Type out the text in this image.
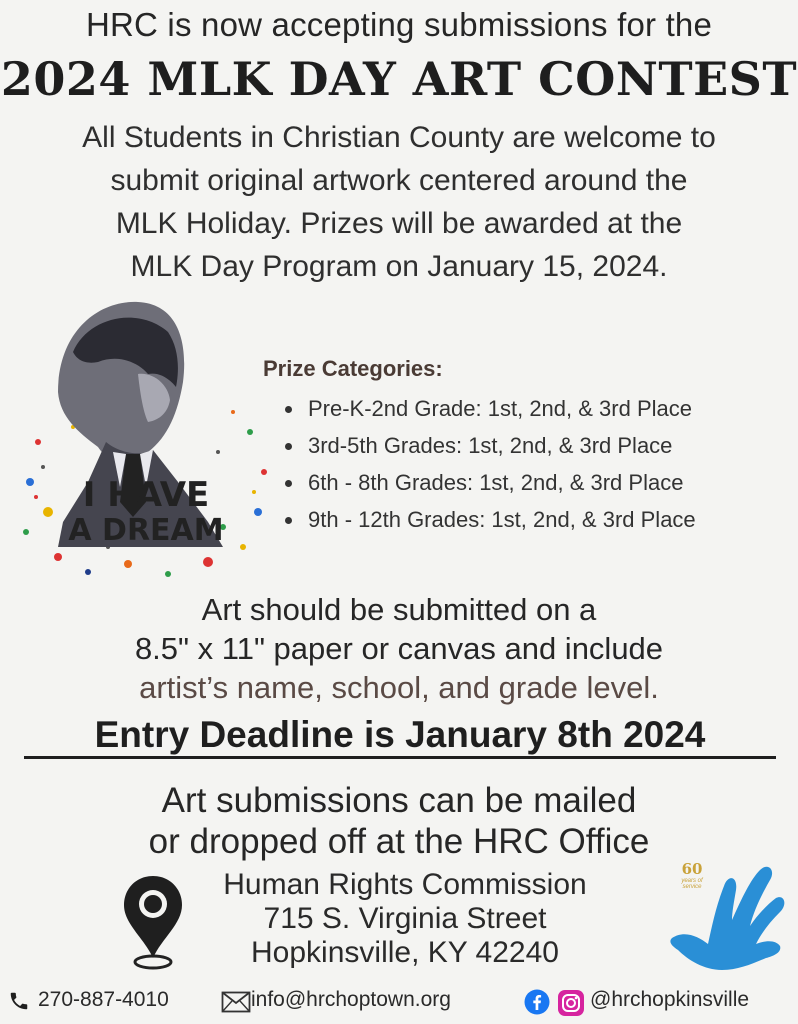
HRC is now accepting submissions for the
2024 MLK DAY ART CONTEST
All Students in Christian County are welcome to
submit original artwork centered around the
MLK Holiday. Prizes will be awarded at the
MLK Day Program on January 15, 2024.
I HAVE
A DREAM
Prize Categories:
Pre-K-2nd Grade: 1st, 2nd, & 3rd Place
3rd-5th Grades: 1st, 2nd, & 3rd Place
6th - 8th Grades: 1st, 2nd, & 3rd Place
9th - 12th Grades: 1st, 2nd, & 3rd Place
Art should be submitted on a
8.5" x 11" paper or canvas and include
artist’s name, school, and grade level.
Entry Deadline is January 8th 2024
Art submissions can be mailed
or dropped off at the HRC Office
Human Rights Commission
715 S. Virginia Street
Hopkinsville, KY 42240
60
years of service
270-887-4010	info@hrchoptown.org	@hrchopkinsville
